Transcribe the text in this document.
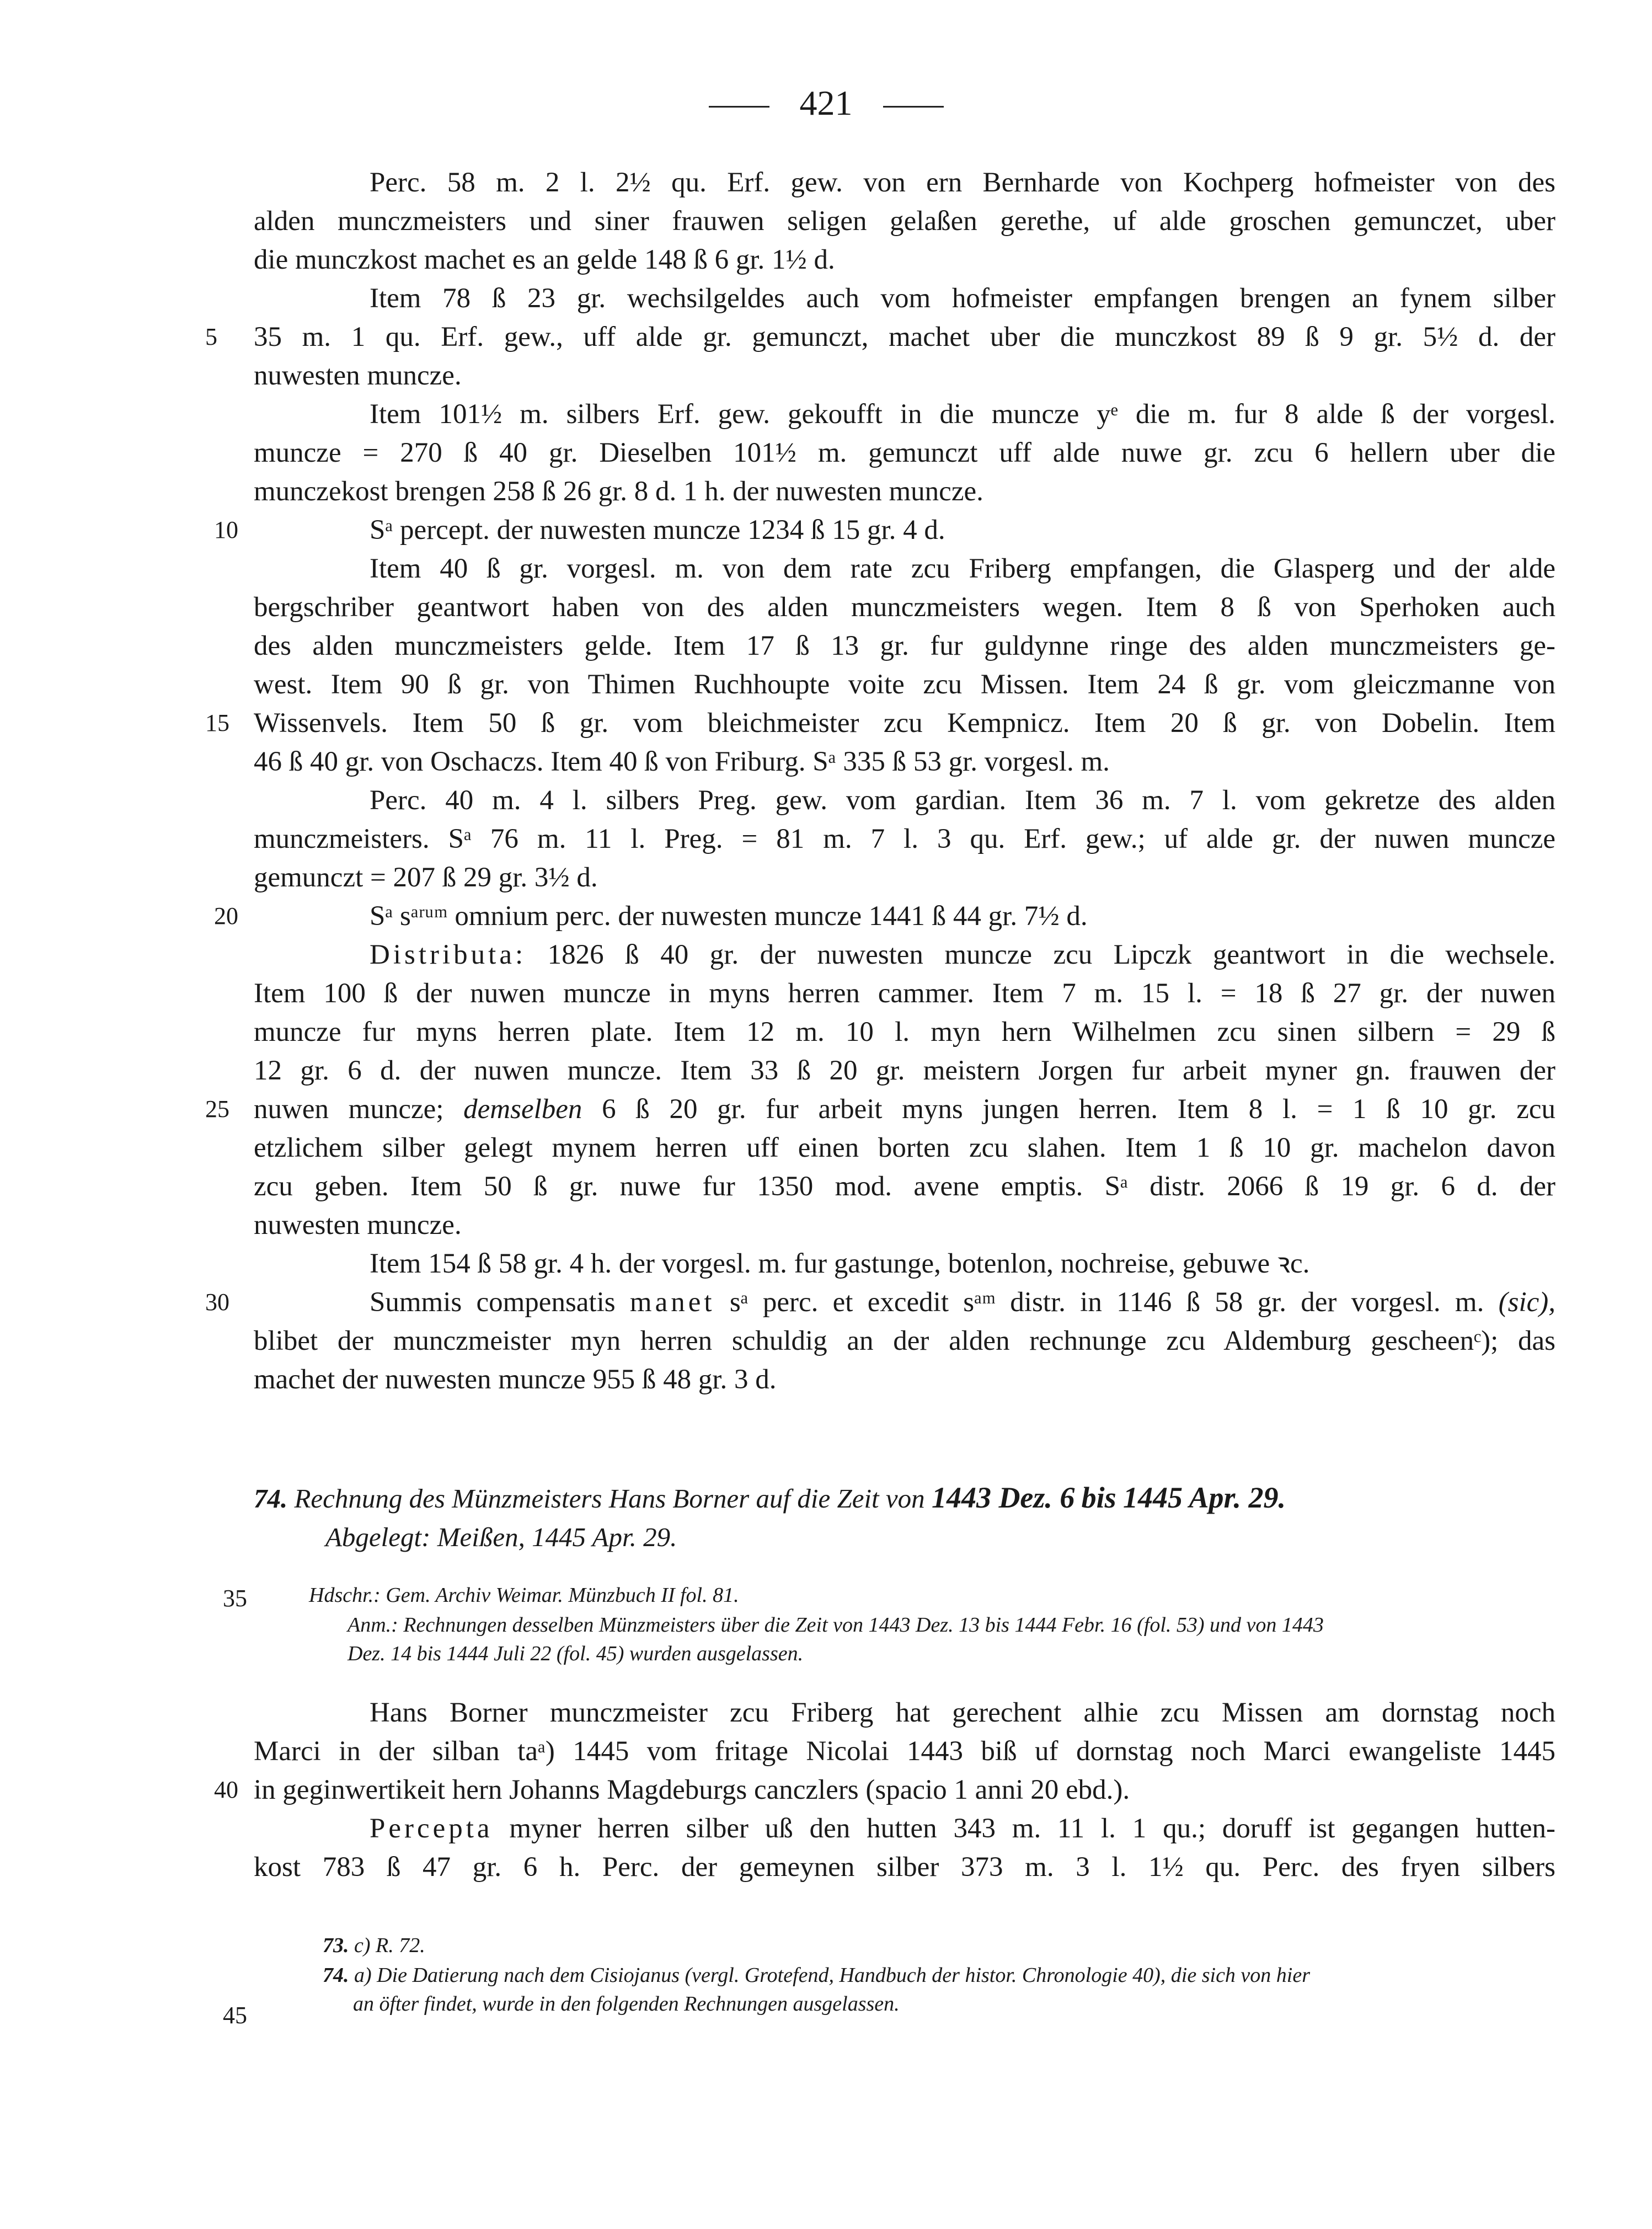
421
Perc. 58 m. 2 l. 2½ qu. Erf. gew. von ern Bernharde von Kochperg hofmeister von des
alden munczmeisters und siner frauwen seligen gelaßen gerethe, uf alde groschen gemunczet, uber
die munczkost machet es an gelde 148 ß 6 gr. 1½ d.
Item 78 ß 23 gr. wechsilgeldes auch vom hofmeister empfangen brengen an fynem silber
5	35 m. 1 qu. Erf. gew., uff alde gr. gemunczt, machet uber die munczkost 89 ß 9 gr. 5½ d. der
nuwesten muncze.
Item 101½ m. silbers Erf. gew. gekoufft in die muncze yᵉ die m. fur 8 alde ß der vorgesl.
muncze = 270 ß 40 gr. Dieselben 101½ m. gemunczt uff alde nuwe gr. zcu 6 hellern uber die
munczekost brengen 258 ß 26 gr. 8 d. 1 h. der nuwesten muncze.
10	Sᵃ percept. der nuwesten muncze 1234 ß 15 gr. 4 d.
Item 40 ß gr. vorgesl. m. von dem rate zcu Friberg empfangen, die Glasperg und der alde
bergschriber geantwort haben von des alden munczmeisters wegen. Item 8 ß von Sperhoken auch
des alden munczmeisters gelde. Item 17 ß 13 gr. fur guldynne ringe des alden munczmeisters ge-
west. Item 90 ß gr. von Thimen Ruchhoupte voite zcu Missen. Item 24 ß gr. vom gleiczmanne von
15 Wissenvels. Item 50 ß gr. vom bleichmeister zcu Kempnicz. Item 20 ß gr. von Dobelin. Item
46 ß 40 gr. von Oschaczs. Item 40 ß von Friburg. Sᵃ 335 ß 53 gr. vorgesl. m.
Perc. 40 m. 4 l. silbers Preg. gew. vom gardian. Item 36 m. 7 l. vom gekretze des alden
munczmeisters. Sᵃ 76 m. 11 l. Preg. = 81 m. 7 l. 3 qu. Erf. gew.; uf alde gr. der nuwen muncze
gemunczt = 207 ß 29 gr. 3½ d.
20	Sᵃ sᵃʳᵘᵐ omnium perc. der nuwesten muncze 1441 ß 44 gr. 7½ d.
Distributa: 1826 ß 40 gr. der nuwesten muncze zcu Lipczk geantwort in die wechsele.
Item 100 ß der nuwen muncze in myns herren cammer. Item 7 m. 15 l. = 18 ß 27 gr. der nuwen
muncze fur myns herren plate. Item 12 m. 10 l. myn hern Wilhelmen zcu sinen silbern = 29 ß
12 gr. 6 d. der nuwen muncze. Item 33 ß 20 gr. meistern Jorgen fur arbeit myner gn. frauwen der
25 nuwen muncze; demselben 6 ß 20 gr. fur arbeit myns jungen herren. Item 8 l. = 1 ß 10 gr. zcu
etzlichem silber gelegt mynem herren uff einen borten zcu slahen. Item 1 ß 10 gr. machelon davon
zcu geben. Item 50 ß gr. nuwe fur 1350 mod. avene emptis. Sᵃ distr. 2066 ß 19 gr. 6 d. der
nuwesten muncze.
Item 154 ß 58 gr. 4 h. der vorgesl. m. fur gastunge, botenlon, nochreise, gebuwe ꝛc.
30	Summis compensatis manet sᵃ perc. et excedit sᵃᵐ distr. in 1146 ß 58 gr. der vorgesl. m. (sic),
blibet der munczmeister myn herren schuldig an der alden rechnunge zcu Aldemburg gescheenᶜ); das
machet der nuwesten muncze 955 ß 48 gr. 3 d.
74. Rechnung des Münzmeisters Hans Borner auf die Zeit von 1443 Dez. 6 bis 1445 Apr. 29.
Abgelegt: Meißen, 1445 Apr. 29.
35	Hdschr.: Gem. Archiv Weimar. Münzbuch II fol. 81.
Anm.: Rechnungen desselben Münzmeisters über die Zeit von 1443 Dez. 13 bis 1444 Febr. 16 (fol. 53) und von 1443
Dez. 14 bis 1444 Juli 22 (fol. 45) wurden ausgelassen.
Hans Borner munczmeister zcu Friberg hat gerechent alhie zcu Missen am dornstag noch
Marci in der silban taᵃ) 1445 vom fritage Nicolai 1443 biß uf dornstag noch Marci ewangeliste 1445
40 in geginwertikeit hern Johanns Magdeburgs canczlers (spacio 1 anni 20 ebd.).
Percepta myner herren silber uß den hutten 343 m. 11 l. 1 qu.; doruff ist gegangen hutten-
kost 783 ß 47 gr. 6 h. Perc. der gemeynen silber 373 m. 3 l. 1½ qu. Perc. des fryen silbers
73. c) R. 72.
74. a) Die Datierung nach dem Cisiojanus (vergl. Grotefend, Handbuch der histor. Chronologie 40), die sich von hier
an öfter findet, wurde in den folgenden Rechnungen ausgelassen.
45
